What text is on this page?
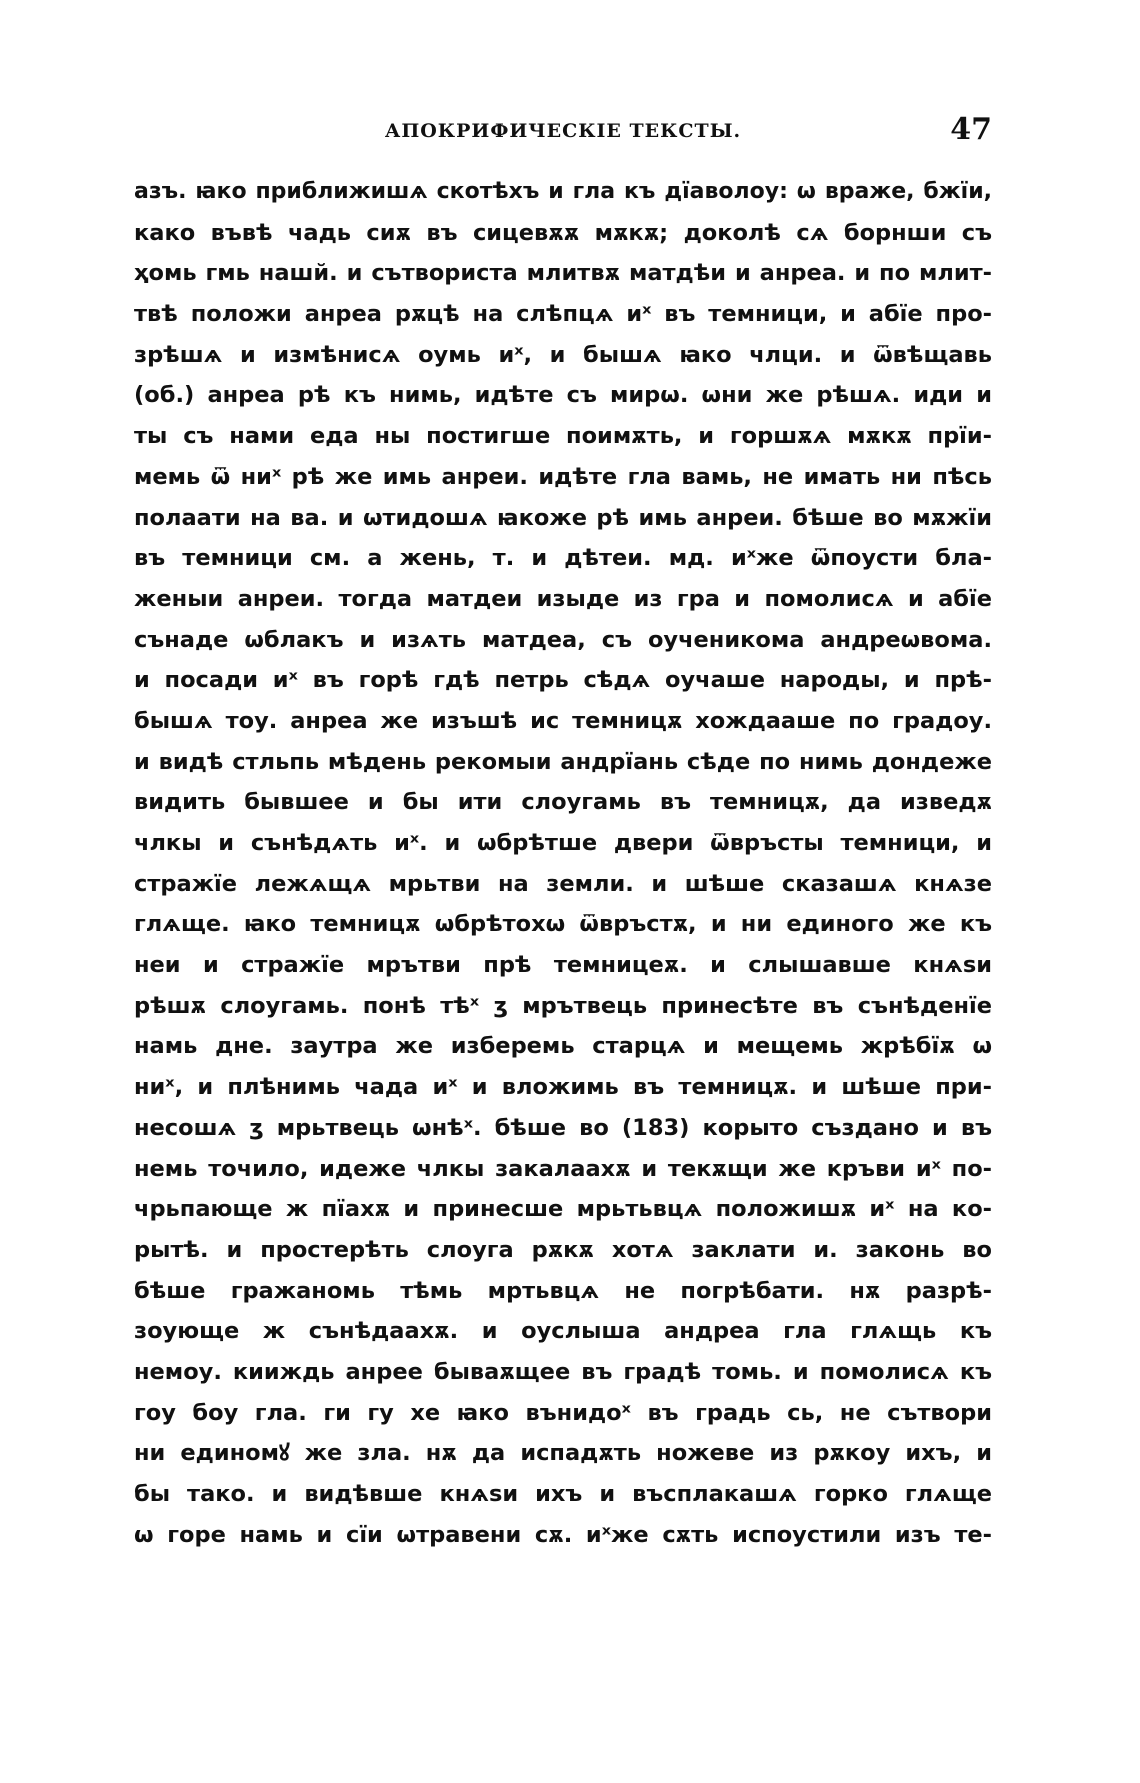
АПОКРИФИЧЕСКІЕ ТЕКСТЫ.	47
азъ. ꙗко приближишѧ скотѣхъ и гла къ дїаволоу: ѡ враже, бжїи,
како въвѣ чадь сиѫ въ сицевѫѫ мѫкѫ; доколѣ сѧ борнши съ
ҳомь гмь нашй. и сътвориста млитвѫ матдѣи и анреа. и по млит-
твѣ положи анреа рѫцѣ на слѣпцѧ иˣ въ темници, и абїе про-
зрѣшѧ и измѣнисѧ оумь иˣ, и бышѧ ꙗко члци. и ѿвѣщавь
(об.) анреа рѣ къ нимь, идѣте съ мирѡ. ѡни же рѣшѧ. иди и
ты съ нами еда ны постигше поимѫть, и горшѫѧ мѫкѫ прїи-
мемь ѿ ниˣ рѣ же имь анреи. идѣте гла вамь, не имать ни пѣсь
полаати на ва. и ѡтидошѧ ꙗкоже рѣ имь анреи. бѣше во мѫжїи
въ темници см. а жень, т. и дѣтеи. мд. иˣже ѿпоусти бла-
женыи анреи. тогда матдеи изыде из гра и помолисѧ и абїе
сънаде ѡблакъ и изѧть матдеа, съ оученикома андреѡвома.
и посади иˣ въ горѣ гдѣ петрь сѣдѧ оучаше народы, и прѣ-
бышѧ тоу. анреа же изъшѣ ис темницѫ хождааше по градоу.
и видѣ стльпь мѣдень рекомыи андрїань сѣде по нимь дондеже
видить бывшее и бы ити слоугамь въ темницѫ, да изведѫ
члкы и сънѣдѧть иˣ. и ѡбрѣтше двери ѿвръсты темници, и
стражїе лежѧщѧ мрьтви на земли. и шѣше сказашѧ кнѧзе
глѧще. ꙗко темницѫ ѡбрѣтохѡ ѿвръстѫ, и ни единого же къ
неи и стражїе мрътви прѣ темницеѫ. и слышавше кнѧѕи
рѣшѫ слоугамь. понѣ тѣˣ ӡ мрътвець принесѣте въ сънѣденїе
намь дне. заутра же изберемь старцѧ и мещемь жрѣбїѫ ѡ
ниˣ, и плѣнимь чада иˣ и вложимь въ темницѫ. и шѣше при-
несошѧ ӡ мрьтвець ѡнѣˣ. бѣше во (183) корыто създано и въ
немь точило, идеже члкы закалаахѫ и текѫщи же кръви иˣ по-
чрьпающе ж пїахѫ и принесше мрьтьвцѧ положишѫ иˣ на ко-
рытѣ. и простерѣть слоуга рѫкѫ хотѧ заклати и. законь во
бѣше гражаномь тѣмь мртьвцѧ не погрѣбати. нѫ разрѣ-
зоующе ж сънѣдаахѫ. и оуслыша андреа гла глѧщь къ
немоу. кииждь анрее бываѫщее въ градѣ томь. и помолисѧ къ
гоу боу гла. ги гу хе ꙗко вънидоˣ въ градь сь, не сътвори
ни единомꙋ же зла. нѫ да испадѫть ножеве из рѫкоу ихъ, и
бы тако. и видѣвше кнѧѕи ихъ и въсплакашѧ горко глѧще
ѡ горе намь и сїи ѡтравени сѫ. иˣже сѫть испоустили изъ те-
